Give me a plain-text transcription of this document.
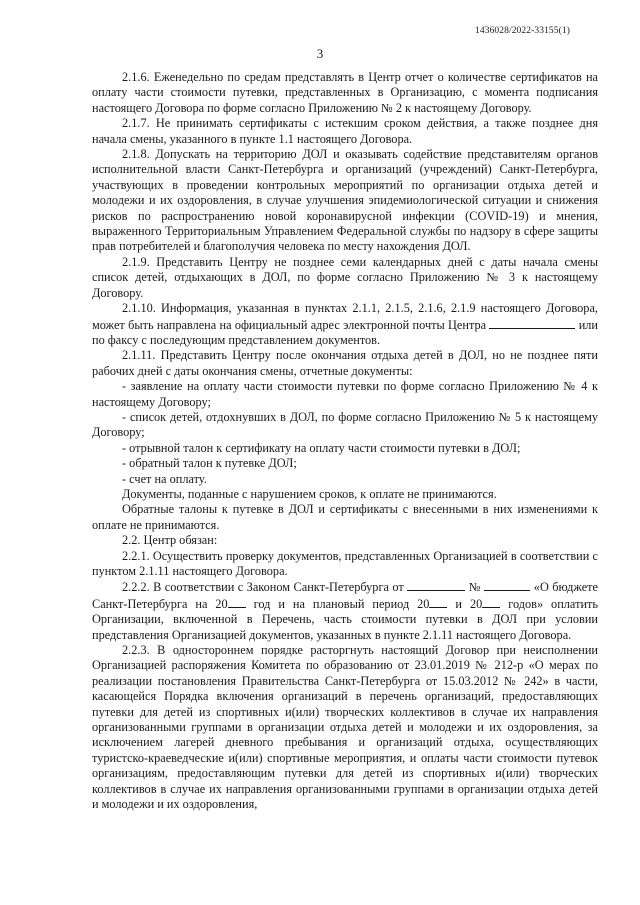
1436028/2022-33155(1)
3

2.1.6. Еженедельно по средам представлять в Центр отчет о количестве сертификатов на оплату части стоимости путевки, представленных в Организацию, с момента подписания настоящего Договора по форме согласно Приложению № 2 к настоящему Договору.

2.1.7. Не принимать сертификаты с истекшим сроком действия, а также позднее дня начала смены, указанного в пункте 1.1 настоящего Договора.

2.1.8. Допускать на территорию ДОЛ и оказывать содействие представителям органов исполнительной власти Санкт-Петербурга и организаций (учреждений) Санкт-Петербурга, участвующих в проведении контрольных мероприятий по организации отдыха детей и молодежи и их оздоровления, в случае улучшения эпидемиологической ситуации и снижения рисков по распространению новой коронавирусной инфекции (COVID-19) и мнения, выраженного Территориальным Управлением Федеральной службы по надзору в сфере защиты прав потребителей и благополучия человека по месту нахождения ДОЛ.

2.1.9. Представить Центру не позднее семи календарных дней с даты начала смены список детей, отдыхающих в ДОЛ, по форме согласно Приложению № 3 к настоящему Договору.

2.1.10. Информация, указанная в пунктах 2.1.1, 2.1.5, 2.1.6, 2.1.9 настоящего Договора, может быть направлена на официальный адрес электронной почты Центра	или по факсу с последующим представлением документов.

2.1.11. Представить Центру после окончания отдыха детей в ДОЛ, но не позднее пяти рабочих дней с даты окончания смены, отчетные документы:

- заявление на оплату части стоимости путевки по форме согласно Приложению № 4 к настоящему Договору;

- список детей, отдохнувших в ДОЛ, по форме согласно Приложению № 5 к настоящему Договору;

- отрывной талон к сертификату на оплату части стоимости путевки в ДОЛ;

- обратный талон к путевке ДОЛ;

- счет на оплату.

Документы, поданные с нарушением сроков, к оплате не принимаются.

Обратные талоны к путевке в ДОЛ и сертификаты с внесенными в них изменениями к оплате не принимаются.

2.2. Центр обязан:

2.2.1. Осуществить проверку документов, представленных Организацией в соответствии с пунктом 2.1.11 настоящего Договора.

2.2.2. В соответствии с Законом Санкт-Петербурга от	№	«О бюджете Санкт-Петербурга на 20 год и на плановый период 20 и 20 годов» оплатить Организации, включенной в Перечень, часть стоимости путевки в ДОЛ при условии представления Организацией документов, указанных в пункте 2.1.11 настоящего Договора.

2.2.3. В одностороннем порядке расторгнуть настоящий Договор при неисполнении Организацией распоряжения Комитета по образованию от 23.01.2019 № 212-р «О мерах по реализации постановления Правительства Санкт-Петербурга от 15.03.2012 № 242» в части, касающейся Порядка включения организаций в перечень организаций, предоставляющих путевки для детей из спортивных и(или) творческих коллективов в случае их направления организованными группами в организации отдыха детей и молодежи и их оздоровления, за исключением лагерей дневного пребывания и организаций отдыха, осуществляющих туристско-краеведческие и(или) спортивные мероприятия, и оплаты части стоимости путевок организациям, предоставляющим путевки для детей из спортивных и(или) творческих коллективов в случае их направления организованными группами в организации отдыха детей и молодежи и их оздоровления,
